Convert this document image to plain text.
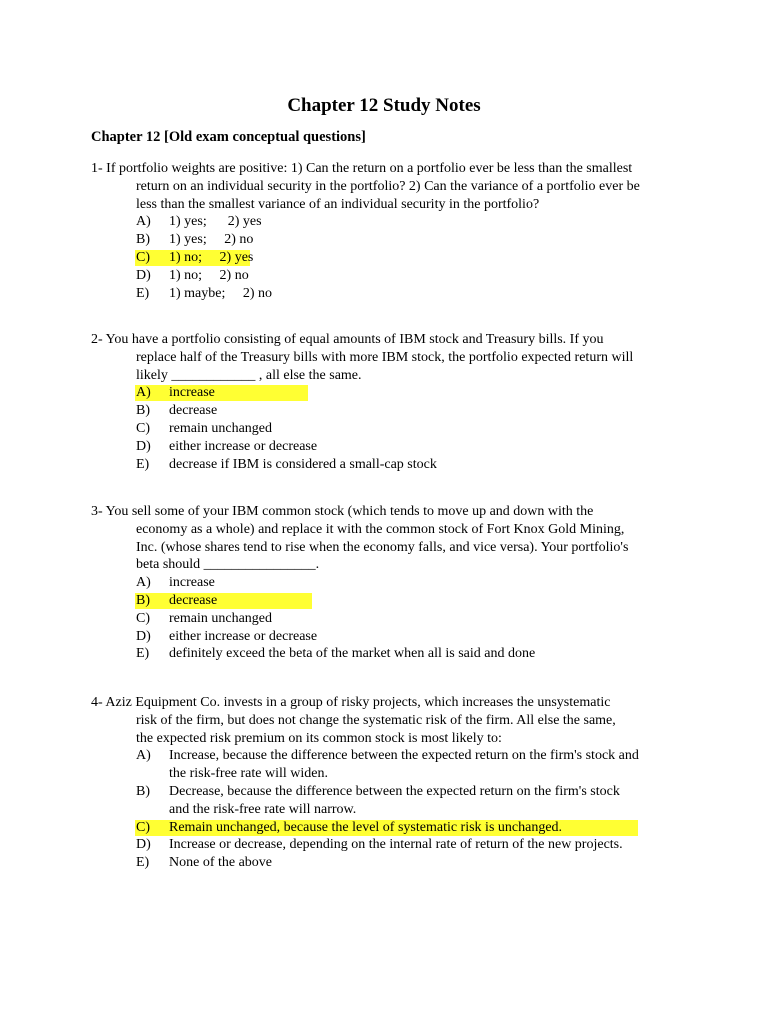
Chapter 12 Study Notes
Chapter 12 [Old exam conceptual questions]
1- If portfolio weights are positive: 1) Can the return on a portfolio ever be less than the smallest
return on an individual security in the portfolio? 2) Can the variance of a portfolio ever be
less than the smallest variance of an individual security in the portfolio?
A) 1) yes;      2) yes
B) 1) yes;     2) no
C) 1) no;     2) yes
D) 1) no;     2) no
E) 1) maybe;     2) no
2- You have a portfolio consisting of equal amounts of IBM stock and Treasury bills. If you
replace half of the Treasury bills with more IBM stock, the portfolio expected return will
likely ____________ , all else the same.
A) increase
B) decrease
C) remain unchanged
D) either increase or decrease
E) decrease if IBM is considered a small-cap stock
3- You sell some of your IBM common stock (which tends to move up and down with the
economy as a whole) and replace it with the common stock of Fort Knox Gold Mining,
Inc. (whose shares tend to rise when the economy falls, and vice versa). Your portfolio's
beta should ________________.
A) increase
B) decrease
C) remain unchanged
D) either increase or decrease
E) definitely exceed the beta of the market when all is said and done
4- Aziz Equipment Co. invests in a group of risky projects, which increases the unsystematic
risk of the firm, but does not change the systematic risk of the firm. All else the same,
the expected risk premium on its common stock is most likely to:
A) Increase, because the difference between the expected return on the firm's stock and
the risk-free rate will widen.
B) Decrease, because the difference between the expected return on the firm's stock
and the risk-free rate will narrow.
C) Remain unchanged, because the level of systematic risk is unchanged.
D) Increase or decrease, depending on the internal rate of return of the new projects.
E) None of the above
